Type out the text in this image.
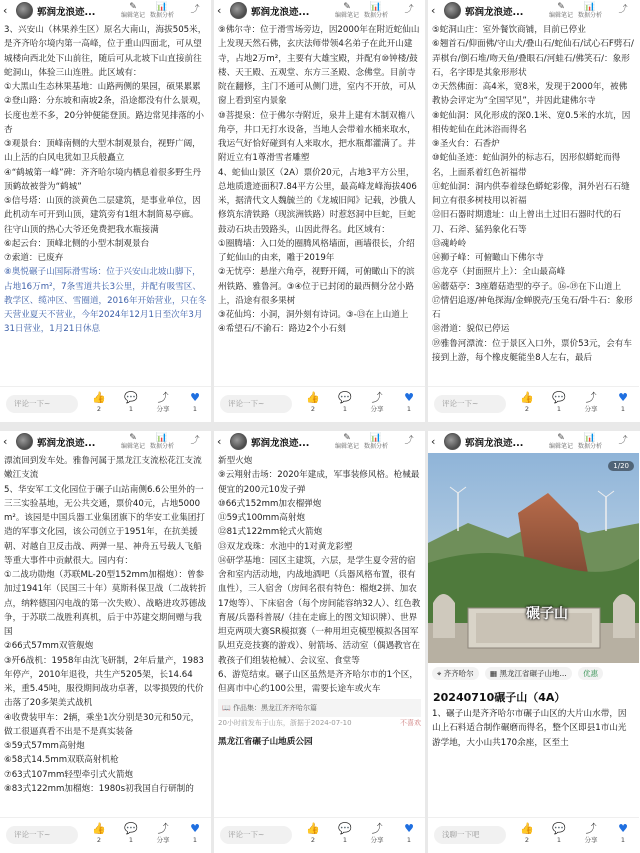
‹	郭润龙浪迹...	✎
编辑笔记
📊
数据分析
⤴

3、兴安山（林果养生区）原名大南山，海拔505米，是齐齐哈尔境内第一高峰，位于重山四面北，可从望城楼向西北处下山前往，随后可从北坡下山直接前往蛇洞山，体验三山连胜。此区域有：

①大黑山生态林果基地：山路两侧的果园，硕果累累

②登山路：分东坡和南坡2条，沿途都没有什么景观，长度也差不多，20分钟便能登顶。路边常见排落的小杏

③观景台：顶峰南侧的大型木制观景台，视野广阔，山上活的白风电犹如卫兵般矗立

④“鹤城第一峰”碑：齐齐哈尔境内栖息着很多野生丹顶鹤故被誉为“鹤城”

⑤信号塔：山顶的淡黄色二层建筑，是事业单位，因此机动车可开到山顶，建筑旁有1组木制简易亭廊。往守山顶的热心大爷还免费把我水瓶接满

⑥起云台：顶峰北侧的小型木制观景台

⑦索道：已废弃

⑧奥悦碾子山国际滑雪场：位于兴安山北坡山脚下，占地16万m²，7条雪道共长3公里，并配有吸雪区、教学区、缆冲区、雪圈道，2016年开始营业，只在冬天营业夏天不营业，今年2024年12月1日至次年3月31日营业，1月21日休息

评论一下~	👍
2
💬
1
⤴
分享
♥
1
‹	郭润龙浪迹...	✎
编辑笔记
📊
数据分析
⤴

⑨佛尔寺：位于滑雪场旁边，因2000年在附近蛇仙山上发现天然石佛，玄庆法师带领4名弟子在此开山建寺，占地2万m²，主要有大雄宝殿，并配有⑩钟楼/鼓楼、天王殿、五观堂、东方三圣殿、念佛堂。目前寺院在翻修，主门不通可从侧门进，室内不开放，可从窗上看到室内景象

⑩菩提泉：位于佛尔寺附近，泉井上建有木制双檐八角亭，井口无打水设备，当地人会带着水桶来取水，我运气好恰好碰到有人来取水，把水瓶都灌满了。井附近立有1尊滑雪者雕塑

4、蛇仙山景区（2A）票价20元，占地3平方公里，总地质遗迹面积7.84平方公里，最高峰龙峰海拔406米，据清代文人魏毓兰的《龙城旧闻》记载，沙俄人修筑东清铁路（现滨洲铁路）时惹怒洞中巨蛇，巨蛇鼓动石块击毁路头，山因此得名。此区域有：

①圈腾墙：入口处的圈腾风格墙面，画墙很长，介绍了蛇仙山的由来，雕于2019年

②无忧亭：悬崖六角亭，视野开阔，可俯瞰山下的滨州铁路、雅鲁河。③④位于已封闭的最西侧分岔小路上，沿途有很多果树

③花仙坞：小洞，洞外刻有诗词。③-⑬在上山道上

④希望石/不渝石：路边2个小石刻

评论一下~	👍
2
💬
1
⤴
分享
♥
1
‹	郭润龙浪迹...	✎
编辑笔记
📊
数据分析
⤴

⑤蛇洞山庄：室外餐饮商铺，目前已停业

⑥翘首石/仰面佛/守山犬/叠山石/蛇仙石/试心石F劈石/弄棋台/倒石堆/吻天鱼/叠眼石/河蛙石/佛笑石/：象形石，名字即是其象形形状

⑦天然佛面：高4米，宽8米，发现于2000年，被佛教协会评定为“全国罕见”，并因此建佛尔寺

⑧蛇仙洞：风化形成的深0.1米、宽0.5米的水坑，因相传蛇仙在此沐浴而得名

⑨圣火台：石香炉

⑩蛇仙圣迹：蛇仙洞外的标志石，因形似蟒蛇而得名，上面系着红色祈福带

⑪蛇仙洞：洞内供奉着绿色蟒蛇彩像，洞外岩石石缝间立有很多树枝用以祈福

⑫旧石器时期遗址：山上曾出土过旧石器时代的石刀、石斧、猛犸象化石等

⑬魂岭岭

⑭狮子峰：可俯瞰山下佛尔寺

⑮龙亭（封面照片上）：全山最高峰

⑯蘑菇亭：3座蘑菇造型的亭子。⑯-⑲在下山道上

⑰情侣追逐/神龟探海/金蝉脱壳/玉兔石/卧牛石：象形石

⑱滑道：貌似已停运

⑲雅鲁河漂流：位于景区入口外，票价53元，会有车接到上游，每个橡皮艇能坐8人左右，最后

评论一下~	👍
2
💬
1
⤴
分享
♥
1
‹	郭润龙浪迹...	✎
编辑笔记
📊
数据分析
⤴

漂流回到发车处。雅鲁河属于黑龙江支流松花江支流嫩江支流

5、华安军工文化园位于碾子山站南侧6.6公里外的一三三实验基地，无公共交通，票价40元，占地5000m²。该园是中国兵器工业集团旗下的华安工业集团打造的军事文化园，该公司创立于1951年，在抗美援朝、对越自卫反击战、两弹一星、神舟五号载人飞船等重大事件中贡献很大。园内有：

①二战功勋炮（苏联ML-20型152mm加榴炮）：曾参加过1941年（民国三十年）莫斯科保卫战（二战转折点，纳粹德国闪电战的第一次失败）、战略进攻苏德战争，于苏联二战胜利真机，后于中苏建交期间赠与我国

②66式57mm双管舰炮

③歼6战机：1958年由沈飞研制，2年后量产，1983年停产，2010年退役，共生产5205架，长14.64米，重5.45吨，服役期间战功卓著，以零损毁的代价击落了20多架美式战机

④收费装甲车：2辆，乘坐1次分别是30元和50元，做工很逼真看不出是不是真实装备

⑤59式57mm高射炮

⑥58式14.5mm双联高射机枪

⑦63式107mm轻型牵引式火箭炮

⑧83式122mm加榴炮：1980s初我国自行研制的

评论一下~	👍
2
💬
1
⤴
分享
♥
1
‹	郭润龙浪迹...	✎
编辑笔记
📊
数据分析
⤴

新型火炮

⑨云翔射击场：2020年建成，军事装修风格。枪械最便宜的200元10发子弹

⑩66式152mm加农榴弹炮

⑪59式100mm高射炮

⑫81式122mm轮式火箭炮

⑬双龙戏珠：水池中的1对黄龙彩塑

⑭研学基地：园区主建筑，六层，是学生夏令营的宿舍和室内活动地，内战地酒吧（兵器风格布置，很有血性），三人宿舍（房间名很有特色：榴炮2拼、加农17炮等）、下床宿舍（每个房间能容纳32人）、红色教育展/兵器科普展/（挂在走廊上的图文知识牌）、世界坦克两项大赛SR模拟赛（一种用坦克模型模拟各国军队坦克竞技赛的游戏）、射箭场、活动室（偶遇教官在教孩子们组装枪械）、会议室、食堂等

6、游览结束。碾子山区虽然是齐齐哈尔市的1个区，但离市中心约100公里，需要长途车或火车

📖 作品集：黑龙江齐齐哈尔篇

20小时前发布于山东，浙据于2024-07-10	不喜欢

黑龙江省碾子山地质公园

评论一下~	👍
2
💬
1
⤴
分享
♥
1
‹	郭润龙浪迹...	✎
编辑笔记
📊
数据分析
⤴
1/20
碾子山
⌖ 齐齐哈尔 ▦ 黑龙江省碾子山地... 优惠
20240710碾子山（4A）

1、碾子山是齐齐哈尔市碾子山区的大片山水带，因山上石料适合制作碾磨而得名，整个区即县1市山光游学地，大小山共170余座，区至土

浅聊一下吧	👍
2
💬
1
⤴
分享
♥
1
